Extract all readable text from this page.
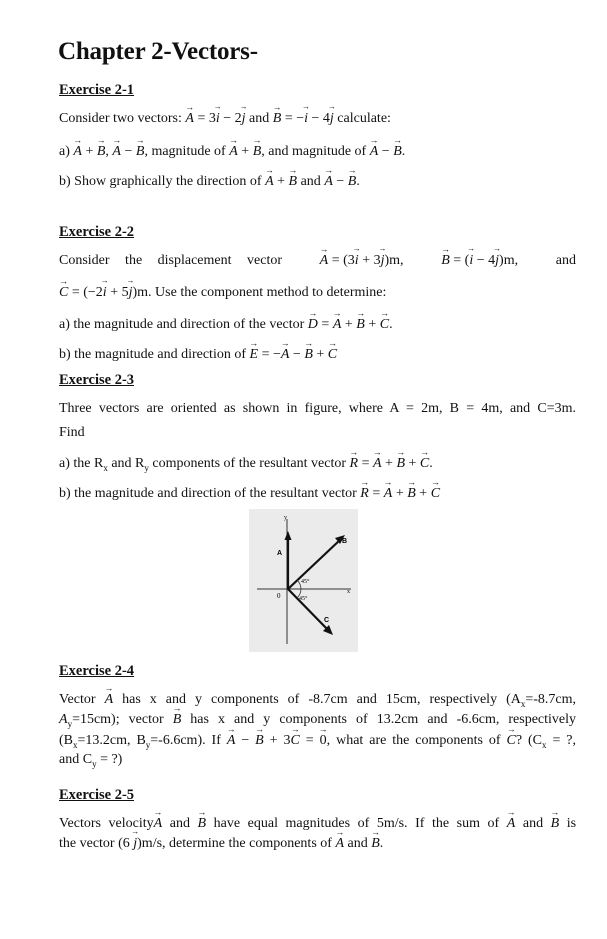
Chapter 2-Vectors-
Exercise 2-1
Consider two vectors: → A = 3→ i − 2→ j and → B = −→ i − 4→ j calculate:
a) → A + → B, → A − → B, magnitude of → A + → B, and magnitude of → A − → B.
b) Show graphically the direction of → A + → B and → A − → B.
Exercise 2-2
Consider the displacement vector	→ A = (3→ i + 3→ j)m,	→ B = (→ i − 4→ j)m,	and
→ C = (−2→ i + 5→ j)m. Use the component method to determine:
a) the magnitude and direction of the vector → D = → A + → B + → C.
b) the magnitude and direction of → E = −→ A − → B + → C
Exercise 2-3
Three vectors are oriented as shown in figure, where A = 2m, B = 4m, and C=3m.
Find
a) the $R_x$ and $R_y$ components of the resultant vector → R = → A + → B + → C.
b) the magnitude and direction of the resultant vector → R = → A + → B + → C
y
A
B
C
0	x
45°
45°
Exercise 2-4
Vector → A has x and y components of -8.7cm and 15cm, respectively ($A_x=-8.7cm$,
$A_y=15cm$); vector → B has x and y components of 13.2cm and -6.6cm, respectively
($B_x=13.2cm$, $B_y=-6.6cm$). If → A − → B + 3→ C = → 0, what are the components of → C? ($C_x$ = ?,
and $C_y$ = ?)
Exercise 2-5
Vectors velocity→ A and → B have equal magnitudes of 5m/s. If the sum of → A and → B is
the vector (6 → j)m/s, determine the components of → A and → B.
